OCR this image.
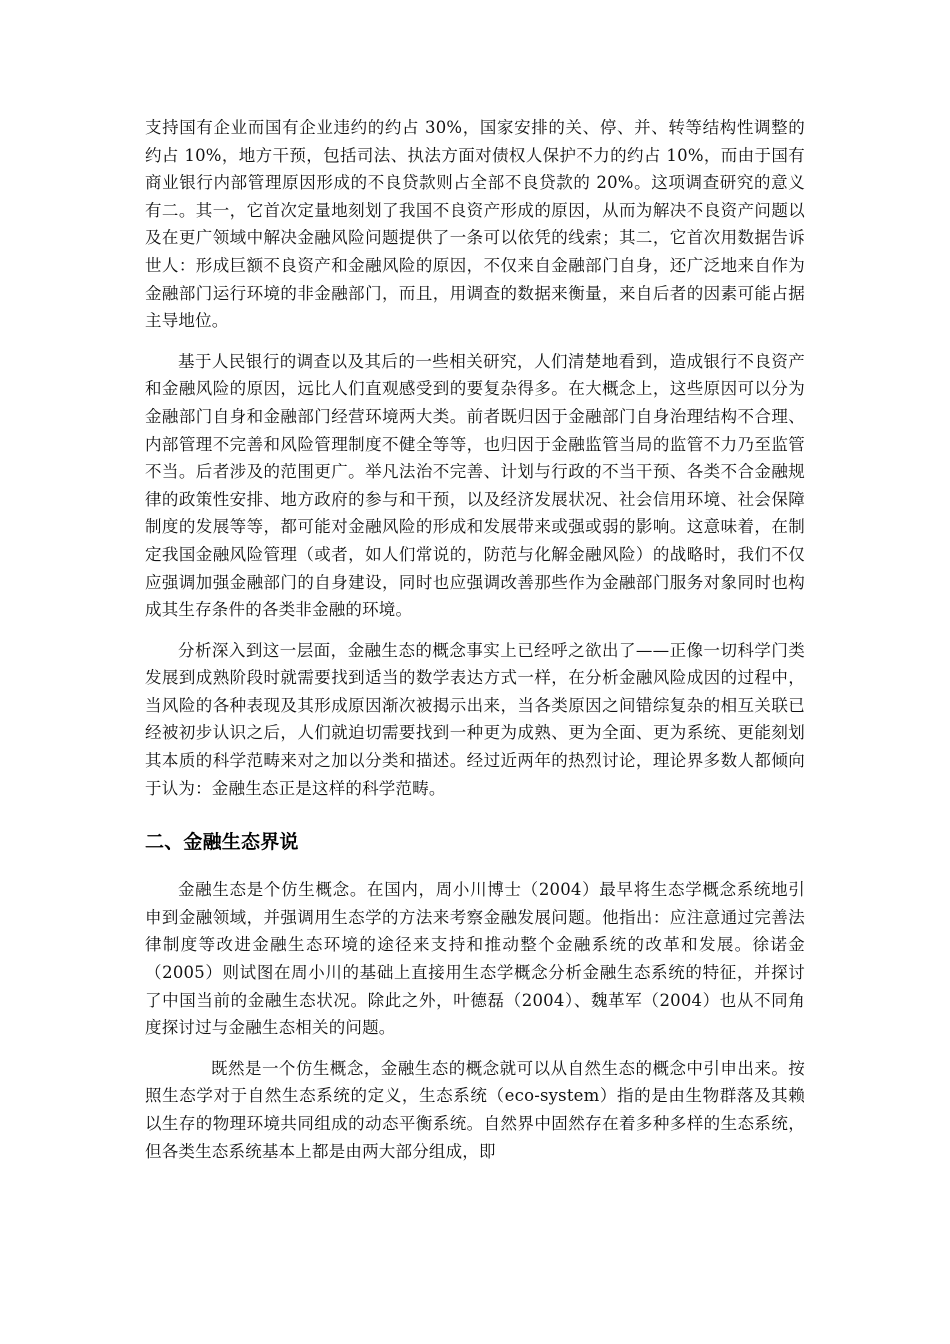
支持国有企业而国有企业违约的约占 30%，国家安排的关、停、并、转等结构性调整的约占 10%，地方干预，包括司法、执法方面对债权人保护不力的约占 10%，而由于国有商业银行内部管理原因形成的不良贷款则占全部不良贷款的 20%。这项调查研究的意义有二。其一，它首次定量地刻划了我国不良资产形成的原因，从而为解决不良资产问题以及在更广领域中解决金融风险问题提供了一条可以依凭的线索；其二，它首次用数据告诉世人：形成巨额不良资产和金融风险的原因，不仅来自金融部门自身，还广泛地来自作为金融部门运行环境的非金融部门，而且，用调查的数据来衡量，来自后者的因素可能占据主导地位。

基于人民银行的调查以及其后的一些相关研究，人们清楚地看到，造成银行不良资产和金融风险的原因，远比人们直观感受到的要复杂得多。在大概念上，这些原因可以分为金融部门自身和金融部门经营环境两大类。前者既归因于金融部门自身治理结构不合理、内部管理不完善和风险管理制度不健全等等，也归因于金融监管当局的监管不力乃至监管不当。后者涉及的范围更广。举凡法治不完善、计划与行政的不当干预、各类不合金融规律的政策性安排、地方政府的参与和干预，以及经济发展状况、社会信用环境、社会保障制度的发展等等，都可能对金融风险的形成和发展带来或强或弱的影响。这意味着，在制定我国金融风险管理（或者，如人们常说的，防范与化解金融风险）的战略时，我们不仅应强调加强金融部门的自身建设，同时也应强调改善那些作为金融部门服务对象同时也构成其生存条件的各类非金融的环境。

分析深入到这一层面，金融生态的概念事实上已经呼之欲出了——正像一切科学门类发展到成熟阶段时就需要找到适当的数学表达方式一样，在分析金融风险成因的过程中，当风险的各种表现及其形成原因渐次被揭示出来，当各类原因之间错综复杂的相互关联已经被初步认识之后，人们就迫切需要找到一种更为成熟、更为全面、更为系统、更能刻划其本质的科学范畴来对之加以分类和描述。经过近两年的热烈讨论，理论界多数人都倾向于认为：金融生态正是这样的科学范畴。

二、金融生态界说

金融生态是个仿生概念。在国内，周小川博士（2004）最早将生态学概念系统地引申到金融领域，并强调用生态学的方法来考察金融发展问题。他指出：应注意通过完善法律制度等改进金融生态环境的途径来支持和推动整个金融系统的改革和发展。徐诺金（2005）则试图在周小川的基础上直接用生态学概念分析金融生态系统的特征，并探讨了中国当前的金融生态状况。除此之外，叶德磊（2004）、魏革军（2004）也从不同角度探讨过与金融生态相关的问题。

既然是一个仿生概念，金融生态的概念就可以从自然生态的概念中引申出来。按照生态学对于自然生态系统的定义，生态系统（eco-system）指的是由生物群落及其赖以生存的物理环境共同组成的动态平衡系统。自然界中固然存在着多种多样的生态系统，但各类生态系统基本上都是由两大部分组成，即
